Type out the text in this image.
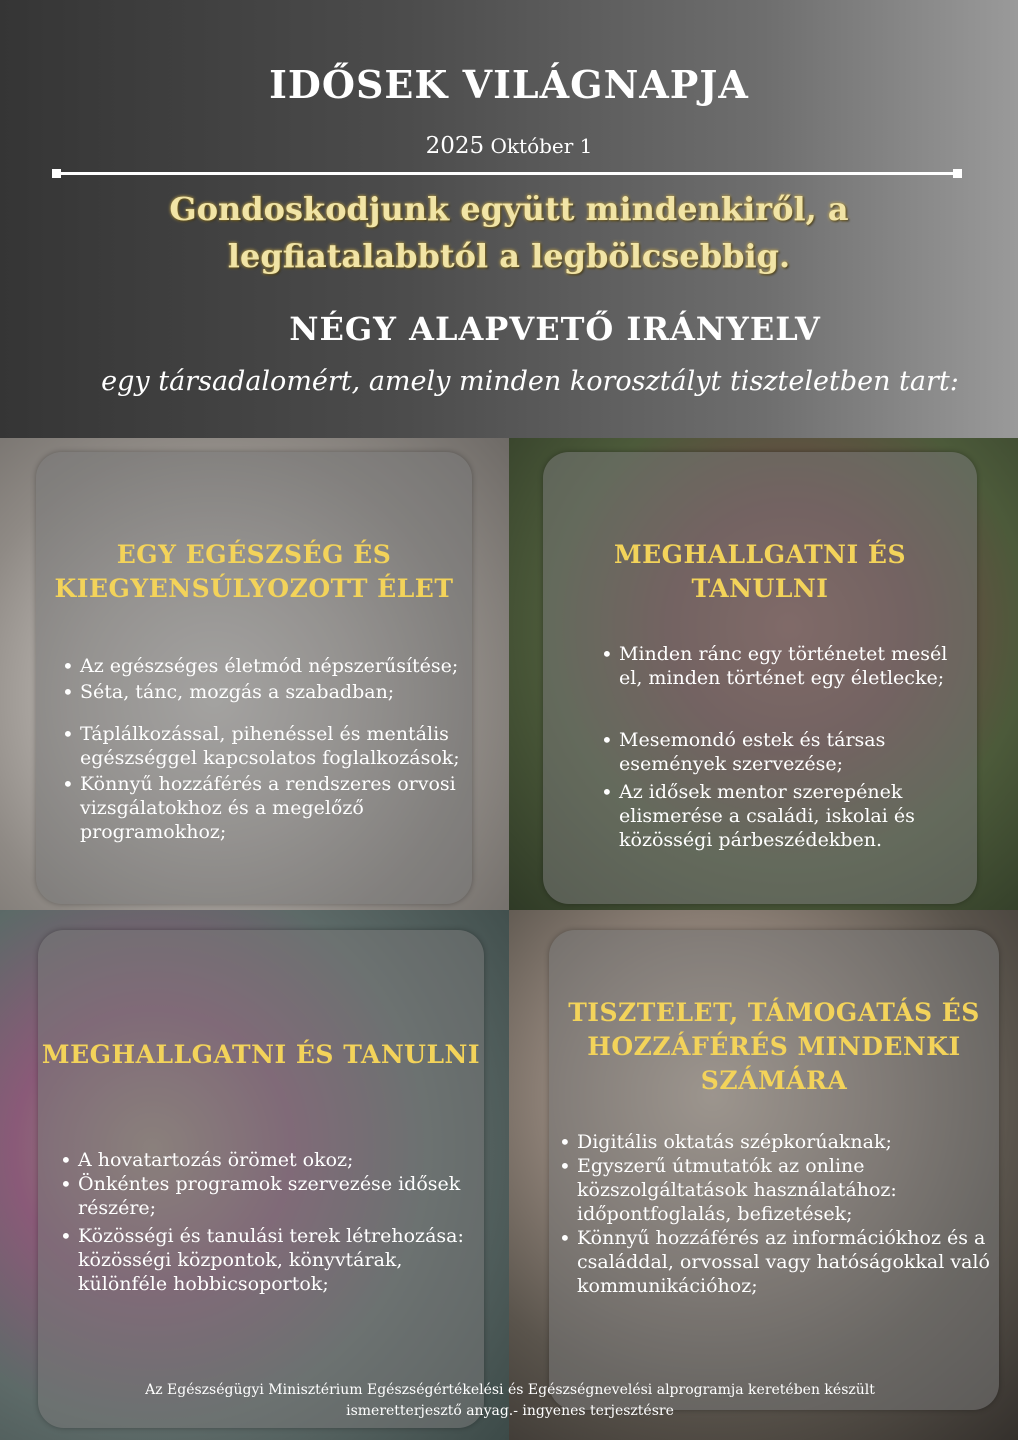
IDŐSEK VILÁGNAPJA
2025 Október 1
Gondoskodjunk együtt mindenkiről, a legfiatalabbtól a legbölcsebbig.
NÉGY ALAPVETŐ IRÁNYELV
egy társadalomért, amely minden korosztályt tiszteletben tart:
EGY EGÉSZSÉG ÉS KIEGYENSÚLYOZOTT ÉLET
• Az egészséges életmód népszerűsítése;
• Séta, tánc, mozgás a szabadban;
• Táplálkozással, pihenéssel és mentális egészséggel kapcsolatos foglalkozások;
• Könnyű hozzáférés a rendszeres orvosi vizsgálatokhoz és a megelőző programokhoz;
MEGHALLGATNI ÉS TANULNI
• Minden ránc egy történetet mesél el, minden történet egy életlecke;
• Mesemondó estek és társas események szervezése;
• Az idősek mentor szerepének elismerése a családi, iskolai és közösségi párbeszédekben.
MEGHALLGATNI ÉS TANULNI
• A hovatartozás örömet okoz;
• Önkéntes programok szervezése idősek részére;
• Közösségi és tanulási terek létrehozása: közösségi központok, könyvtárak, különféle hobbicsoportok;
TISZTELET, TÁMOGATÁS ÉS HOZZÁFÉRÉS MINDENKI SZÁMÁRA
• Digitális oktatás szépkorúaknak;
• Egyszerű útmutatók az online közszolgáltatások használatához: időpontfoglalás, befizetések;
• Könnyű hozzáférés az információkhoz és a családdal, orvossal vagy hatóságokkal való kommunikációhoz;
Az Egészségügyi Minisztérium Egészségértékelési és Egészségnevelési alprogramja keretében készült
ismeretterjesztő anyag.- ingyenes terjesztésre
